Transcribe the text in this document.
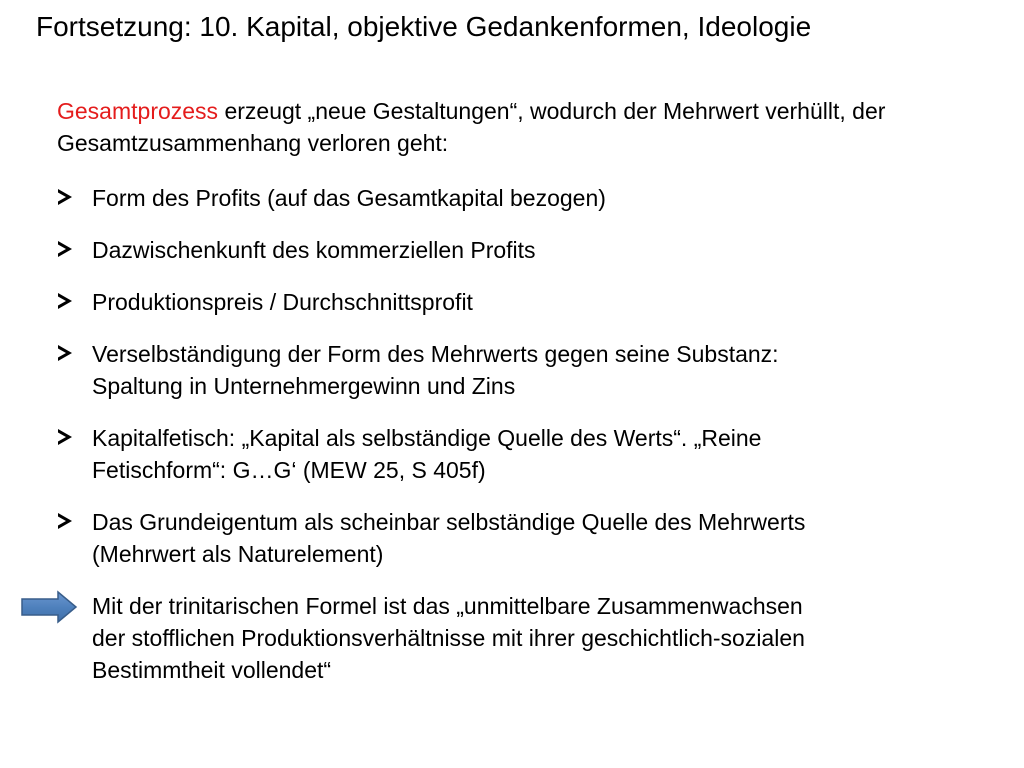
Fortsetzung: 10. Kapital, objektive Gedankenformen, Ideologie
Gesamtprozess erzeugt „neue Gestaltungen“, wodurch der Mehrwert verhüllt, der Gesamtzusammenhang verloren geht:
Form des Profits (auf das Gesamtkapital bezogen)
Dazwischenkunft des kommerziellen Profits
Produktionspreis / Durchschnittsprofit
Verselbständigung der Form des Mehrwerts gegen seine Substanz:
Spaltung in Unternehmergewinn und Zins
Kapitalfetisch: „Kapital als selbständige Quelle des Werts“. „Reine
Fetischform“: G…G‘ (MEW 25, S 405f)
Das Grundeigentum als scheinbar selbständige Quelle des Mehrwerts
(Mehrwert als Naturelement)
Mit der trinitarischen Formel ist das „unmittelbare Zusammenwachsen
der stofflichen Produktionsverhältnisse mit ihrer geschichtlich-sozialen
Bestimmtheit vollendet“
